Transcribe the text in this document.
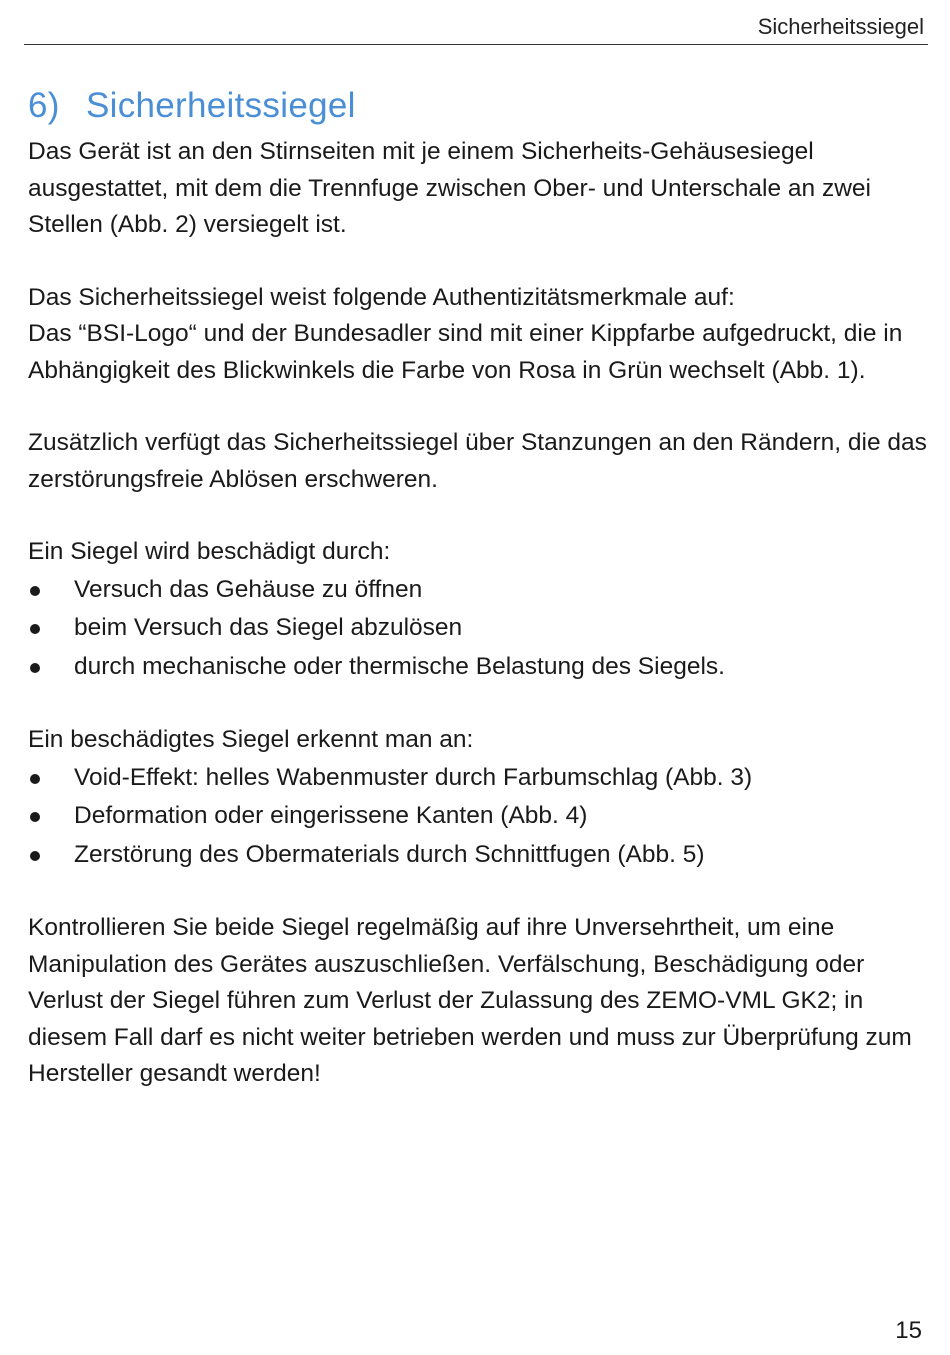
Sicherheitssiegel
6) Sicherheitssiegel

Das Gerät ist an den Stirnseiten mit je einem Sicherheits-Gehäusesiegel ausgestattet, mit dem die Trennfuge zwischen Ober- und Unterschale an zwei Stellen (Abb. 2) versiegelt ist.

Das Sicherheitssiegel weist folgende Authentizitätsmerkmale auf:

Das “BSI-Logo“ und der Bundesadler sind mit einer Kippfarbe aufgedruckt, die in Abhängigkeit des Blickwinkels die Farbe von Rosa in Grün wechselt (Abb. 1).

Zusätzlich verfügt das Sicherheitssiegel über Stanzungen an den Rändern, die das zerstörungsfreie Ablösen erschweren.

Ein Siegel wird beschädigt durch:

Versuch das Gehäuse zu öffnen
beim Versuch das Siegel abzulösen
durch mechanische oder thermische Belastung des Siegels.

Ein beschädigtes Siegel erkennt man an:

Void-Effekt: helles Wabenmuster durch Farbumschlag (Abb. 3)
Deformation oder eingerissene Kanten (Abb. 4)
Zerstörung des Obermaterials durch Schnittfugen (Abb. 5)

Kontrollieren Sie beide Siegel regelmäßig auf ihre Unversehrtheit, um eine Manipulation des Gerätes auszuschließen. Verfälschung, Beschädigung oder Verlust der Siegel führen zum Verlust der Zulassung des ZEMO-VML GK2; in diesem Fall darf es nicht weiter betrieben werden und muss zur Überprüfung zum Hersteller gesandt werden!

15
